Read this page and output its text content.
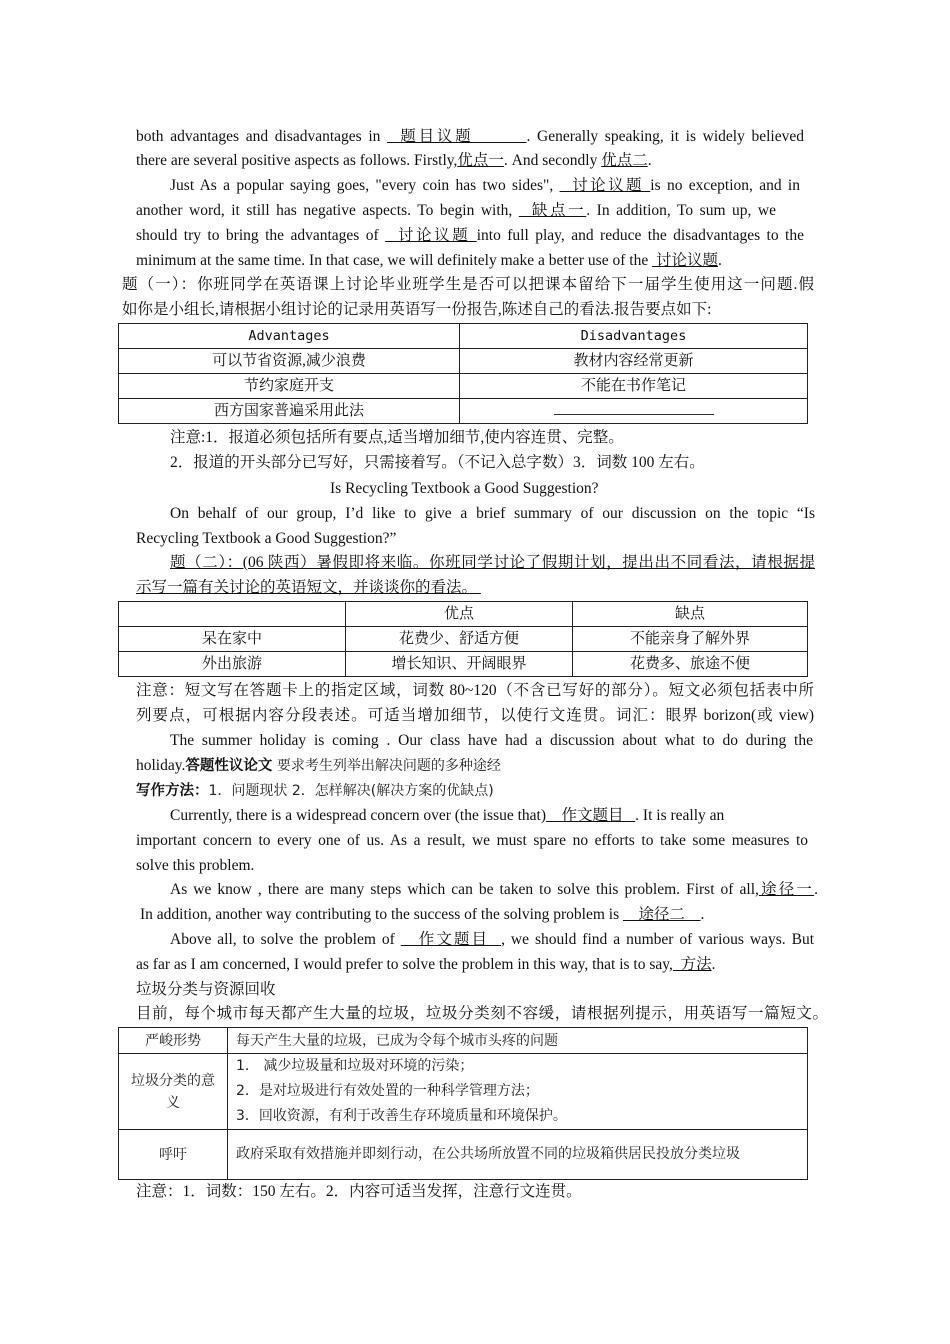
both advantages and disadvantages in   题目议题        . Generally speaking, it is widely believed
there are several positive aspects as follows. Firstly,优点一. And secondly 优点二.
Just As a popular saying goes, "every coin has two sides",   讨论议题 is no exception, and in
another word, it still has negative aspects. To begin with,   缺点一. In addition, To sum up, we
should try to bring the advantages of   讨论议题 into full play, and reduce the disadvantages to the
minimum at the same time. In that case, we will definitely make a better use of the  讨论议题.
题（一）：你班同学在英语课上讨论毕业班学生是否可以把课本留给下一届学生使用这一问题.假
如你是小组长,请根据小组讨论的记录用英语写一份报告,陈述自己的看法.报告要点如下:
注意:1．报道必须包括所有要点,适当增加细节,使内容连贯、完整。
2．报道的开头部分已写好，只需接着写。（不记入总字数）3．词数 100 左右。
Is Recycling Textbook a Good Suggestion?
On behalf of our group, I’d like to give a brief summary of our discussion on the topic “Is
Recycling Textbook a Good Suggestion?”
题（二）：(06 陕西）暑假即将来临。你班同学讨论了假期计划，提出出不同看法，请根据提
示写一篇有关讨论的英语短文，并谈谈你的看法。
注意：短文写在答题卡上的指定区域，词数 80~120（不含已写好的部分）。短文必须包括表中所
列要点，可根据内容分段表述。可适当增加细节，以使行文连贯。词汇：眼界 borizon(或 view)
The summer holiday is coming . Our class have had a discussion about what to do during the
holiday.答题性议论文 要求考生列举出解决问题的多种途经
写作方法：1．问题现状 2．怎样解决(解决方案的优缺点)
Currently, there is a widespread concern over (the issue that)    作文题目   . It is really an
important concern to every one of us. As a result, we must spare no efforts to take some measures to
solve this problem.
As we know , there are many steps which can be taken to solve this problem. First of all,途径一.
In addition, another way contributing to the success of the solving problem is     途径二    .
Above all, to solve the problem of    作文题目  , we should find a number of various ways. But
as far as I am concerned, I would prefer to solve the problem in this way, that is to say,  方法.
垃圾分类与资源回收
目前，每个城市每天都产生大量的垃圾，垃圾分类刻不容缓，请根据列提示，用英语写一篇短文。
注意：1．词数：150 左右。2．内容可适当发挥，注意行文连贯。
Advantages	Disadvantages
可以节省资源,减少浪费	教材内容经常更新
节约家庭开支	不能在书作笔记
西方国家普遍采用此法	
	优点	缺点
呆在家中	花费少、舒适方便	不能亲身了解外界
外出旅游	增长知识、开阔眼界	花费多、旅途不便
严峻形势	每天产生大量的垃圾，已成为令每个城市头疼的问题
垃圾分类的意义	1． 减少垃圾量和垃圾对环境的污染；
2．是对垃圾进行有效处置的一种科学管理方法；
3．回收资源，有利于改善生存环境质量和环境保护。

呼吁	政府采取有效措施并即刻行动，在公共场所放置不同的垃圾箱供居民投放分类垃圾
